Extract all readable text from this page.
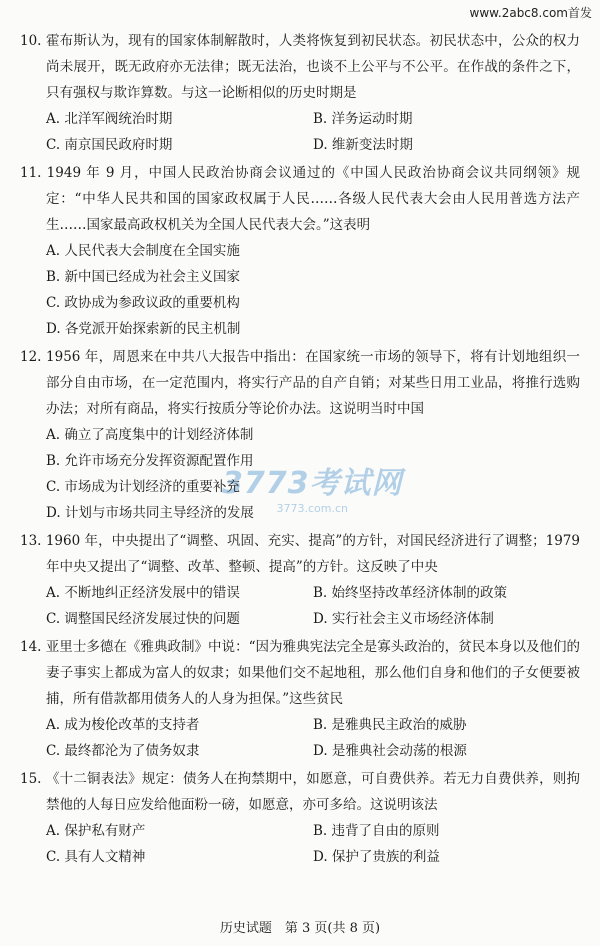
www.2abc8.com首发
3773考试网
3773.com.cn
10. 霍布斯认为，现有的国家体制解散时，人类将恢复到初民状态。初民状态中，公众的权力尚未展开，既无政府亦无法律；既无法治，也谈不上公平与不公平。在作战的条件之下，只有强权与欺诈算数。与这一论断相似的历史时期是
A. 北洋军阀统治时期	B. 洋务运动时期
C. 南京国民政府时期	D. 维新变法时期
11. 1949 年 9 月，中国人民政治协商会议通过的《中国人民政治协商会议共同纲领》规定：“中华人民共和国的国家政权属于人民……各级人民代表大会由人民用普选方法产生……国家最高政权机关为全国人民代表大会。”这表明
A. 人民代表大会制度在全国实施
B. 新中国已经成为社会主义国家
C. 政协成为参政议政的重要机构
D. 各党派开始探索新的民主机制
12. 1956 年，周恩来在中共八大报告中指出：在国家统一市场的领导下，将有计划地组织一部分自由市场，在一定范围内，将实行产品的自产自销；对某些日用工业品，将推行选购办法；对所有商品，将实行按质分等论价办法。这说明当时中国
A. 确立了高度集中的计划经济体制
B. 允许市场充分发挥资源配置作用
C. 市场成为计划经济的重要补充
D. 计划与市场共同主导经济的发展
13. 1960 年，中央提出了“调整、巩固、充实、提高”的方针，对国民经济进行了调整；1979 年中央又提出了“调整、改革、整顿、提高”的方针。这反映了中央
A. 不断地纠正经济发展中的错误	B. 始终坚持改革经济体制的政策
C. 调整国民经济发展过快的问题	D. 实行社会主义市场经济体制
14. 亚里士多德在《雅典政制》中说：“因为雅典宪法完全是寡头政治的，贫民本身以及他们的妻子事实上都成为富人的奴隶；如果他们交不起地租，那么他们自身和他们的子女便要被捕，所有借款都用债务人的人身为担保。”这些贫民
A. 成为梭伦改革的支持者	B. 是雅典民主政治的威胁
C. 最终都沦为了债务奴隶	D. 是雅典社会动荡的根源
15. 《十二铜表法》规定：债务人在拘禁期中，如愿意，可自费供养。若无力自费供养，则拘禁他的人每日应发给他面粉一磅，如愿意，亦可多给。这说明该法
A. 保护私有财产	B. 违背了自由的原则
C. 具有人文精神	D. 保护了贵族的利益
历史试题　第 3 页(共 8 页)
